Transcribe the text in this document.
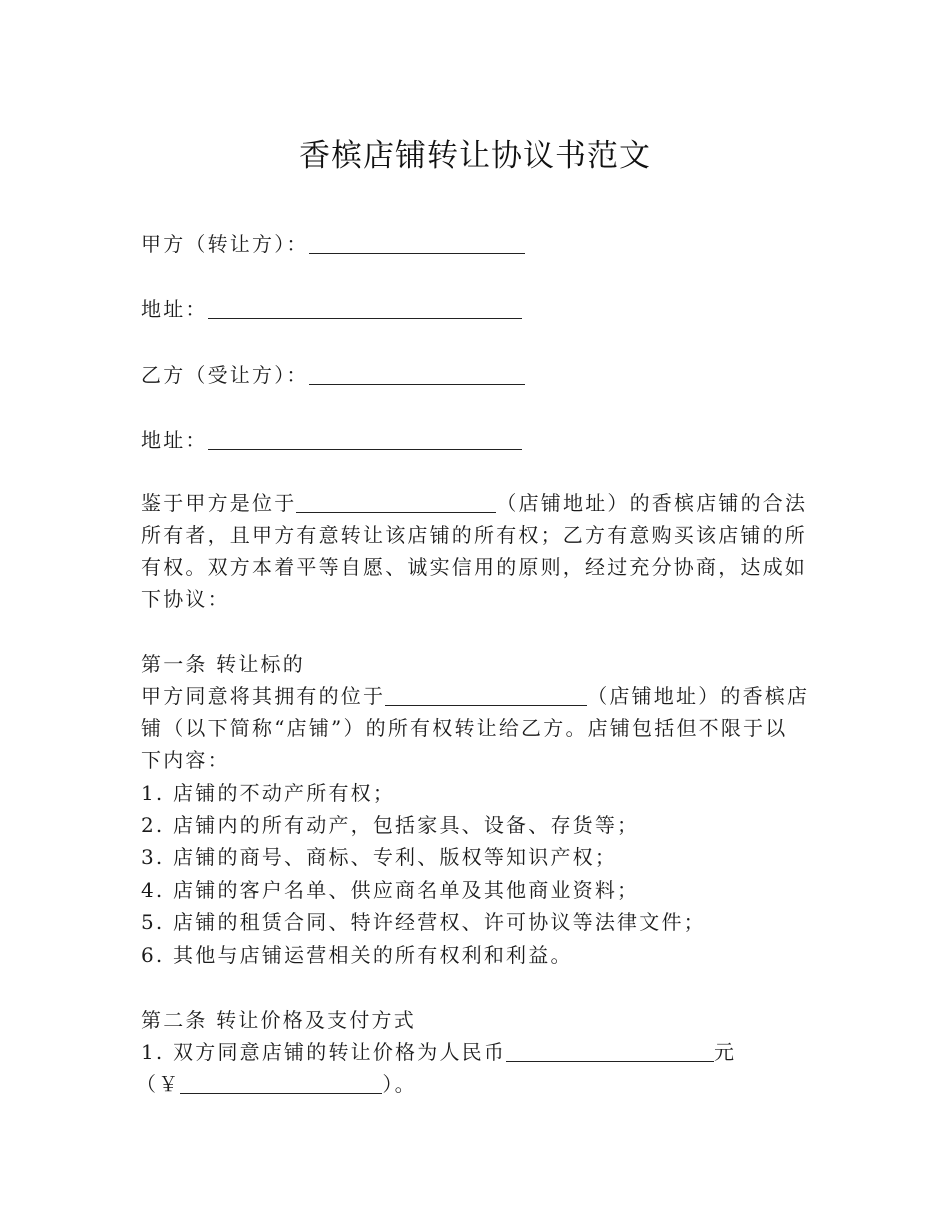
香槟店铺转让协议书范文
甲方（转让方）：
地址：
乙方（受让方）：
地址：
鉴于甲方是位于	（店铺地址）的香槟店铺的合法
所有者，且甲方有意转让该店铺的所有权；乙方有意购买该店铺的所
有权。双方本着平等自愿、诚实信用的原则，经过充分协商，达成如
下协议：
第一条 转让标的
甲方同意将其拥有的位于	（店铺地址）的香槟店
铺（以下简称“店铺”）的所有权转让给乙方。店铺包括但不限于以
下内容：
1. 店铺的不动产所有权；
2. 店铺内的所有动产，包括家具、设备、存货等；
3. 店铺的商号、商标、专利、版权等知识产权；
4. 店铺的客户名单、供应商名单及其他商业资料；
5. 店铺的租赁合同、特许经营权、许可协议等法律文件；
6. 其他与店铺运营相关的所有权利和利益。
第二条 转让价格及支付方式
1. 双方同意店铺的转让价格为人民币	元
（￥	）。
